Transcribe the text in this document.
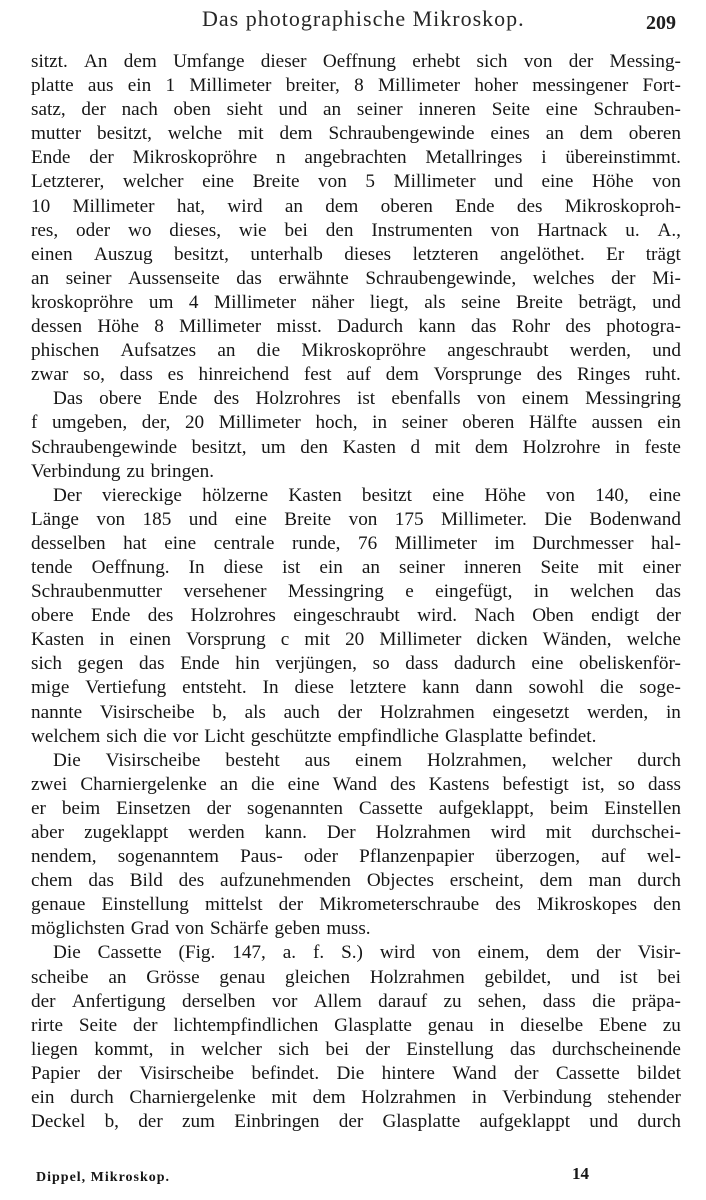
Das photographische Mikroskop.	209
sitzt. An dem Umfange dieser Oeffnung erhebt sich von der Messing-
platte aus ein 1 Millimeter breiter, 8 Millimeter hoher messingener Fort-
satz, der nach oben sieht und an seiner inneren Seite eine Schrauben-
mutter besitzt, welche mit dem Schraubengewinde eines an dem oberen
Ende der Mikroskopröhre n angebrachten Metallringes i übereinstimmt.
Letzterer, welcher eine Breite von 5 Millimeter und eine Höhe von
10 Millimeter hat, wird an dem oberen Ende des Mikroskoproh-
res, oder wo dieses, wie bei den Instrumenten von Hartnack u. A.,
einen Auszug besitzt, unterhalb dieses letzteren angelöthet. Er trägt
an seiner Aussenseite das erwähnte Schraubengewinde, welches der Mi-
kroskopröhre um 4 Millimeter näher liegt, als seine Breite beträgt, und
dessen Höhe 8 Millimeter misst. Dadurch kann das Rohr des photogra-
phischen Aufsatzes an die Mikroskopröhre angeschraubt werden, und
zwar so, dass es hinreichend fest auf dem Vorsprunge des Ringes ruht.
Das obere Ende des Holzrohres ist ebenfalls von einem Messingring
f umgeben, der, 20 Millimeter hoch, in seiner oberen Hälfte aussen ein
Schraubengewinde besitzt, um den Kasten d mit dem Holzrohre in feste
Verbindung zu bringen.
Der viereckige hölzerne Kasten besitzt eine Höhe von 140, eine
Länge von 185 und eine Breite von 175 Millimeter. Die Bodenwand
desselben hat eine centrale runde, 76 Millimeter im Durchmesser hal-
tende Oeffnung. In diese ist ein an seiner inneren Seite mit einer
Schraubenmutter versehener Messingring e eingefügt, in welchen das
obere Ende des Holzrohres eingeschraubt wird. Nach Oben endigt der
Kasten in einen Vorsprung c mit 20 Millimeter dicken Wänden, welche
sich gegen das Ende hin verjüngen, so dass dadurch eine obeliskenför-
mige Vertiefung entsteht. In diese letztere kann dann sowohl die soge-
nannte Visirscheibe b, als auch der Holzrahmen eingesetzt werden, in
welchem sich die vor Licht geschützte empfindliche Glasplatte befindet.
Die Visirscheibe besteht aus einem Holzrahmen, welcher durch
zwei Charniergelenke an die eine Wand des Kastens befestigt ist, so dass
er beim Einsetzen der sogenannten Cassette aufgeklappt, beim Einstellen
aber zugeklappt werden kann. Der Holzrahmen wird mit durchschei-
nendem, sogenanntem Paus- oder Pflanzenpapier überzogen, auf wel-
chem das Bild des aufzunehmenden Objectes erscheint, dem man durch
genaue Einstellung mittelst der Mikrometerschraube des Mikroskopes den
möglichsten Grad von Schärfe geben muss.
Die Cassette (Fig. 147, a. f. S.) wird von einem, dem der Visir-
scheibe an Grösse genau gleichen Holzrahmen gebildet, und ist bei
der Anfertigung derselben vor Allem darauf zu sehen, dass die präpa-
rirte Seite der lichtempfindlichen Glasplatte genau in dieselbe Ebene zu
liegen kommt, in welcher sich bei der Einstellung das durchscheinende
Papier der Visirscheibe befindet. Die hintere Wand der Cassette bildet
ein durch Charniergelenke mit dem Holzrahmen in Verbindung stehender
Deckel b, der zum Einbringen der Glasplatte aufgeklappt und durch
Dippel, Mikroskop.	14
